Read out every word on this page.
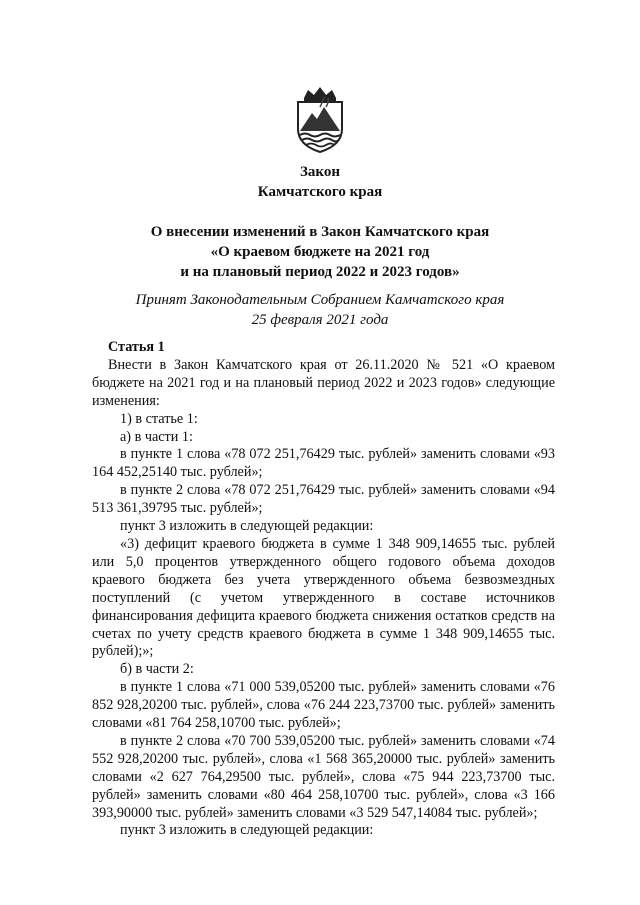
Закон
Камчатского края
О внесении изменений в Закон Камчатского края
«О краевом бюджете на 2021 год
и на плановый период 2022 и 2023 годов»
Принят Законодательным Собранием Камчатского края
25 февраля 2021 года

Статья 1

Внести в Закон Камчатского края от 26.11.2020 № 521 «О краевом бюджете на 2021 год и на плановый период 2022 и 2023 годов» следующие изменения:

1) в статье 1:

а) в части 1:

в пункте 1 слова «78 072 251,76429 тыс. рублей» заменить словами «93 164 452,25140 тыс. рублей»;

в пункте 2 слова «78 072 251,76429 тыс. рублей» заменить словами «94 513 361,39795 тыс. рублей»;

пункт 3 изложить в следующей редакции:

«3) дефицит краевого бюджета в сумме 1 348 909,14655 тыс. рублей или 5,0 процентов утвержденного общего годового объема доходов краевого бюджета без учета утвержденного объема безвозмездных поступлений (с учетом утвержденного в составе источников финансирования дефицита краевого бюджета снижения остатков средств на счетах по учету средств краевого бюджета в сумме 1 348 909,14655 тыс. рублей);»;

б) в части 2:

в пункте 1 слова «71 000 539,05200 тыс. рублей» заменить словами «76 852 928,20200 тыс. рублей», слова «76 244 223,73700 тыс. рублей» заменить словами «81 764 258,10700 тыс. рублей»;

в пункте 2 слова «70 700 539,05200 тыс. рублей» заменить словами «74 552 928,20200 тыс. рублей», слова «1 568 365,20000 тыс. рублей» заменить словами «2 627 764,29500 тыс. рублей», слова «75 944 223,73700 тыс. рублей» заменить словами «80 464 258,10700 тыс. рублей», слова «3 166 393,90000 тыс. рублей» заменить словами «3 529 547,14084 тыс. рублей»;

пункт 3 изложить в следующей редакции:
